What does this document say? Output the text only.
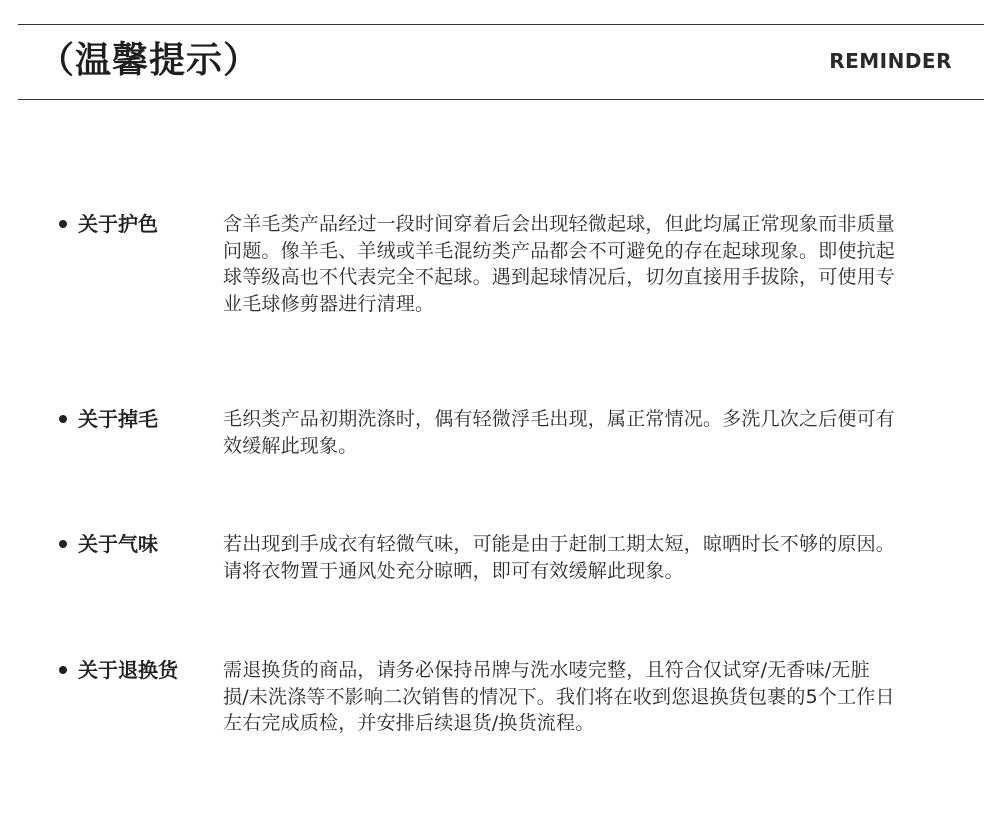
（温馨提示）	REMINDER
关于护色	含羊毛类产品经过一段时间穿着后会出现轻微起球，但此均属正常现象而非质量问题。像羊毛、羊绒或羊毛混纺类产品都会不可避免的存在起球现象。即使抗起球等级高也不代表完全不起球。遇到起球情况后，切勿直接用手拔除，可使用专业毛球修剪器进行清理。
关于掉毛	毛织类产品初期洗涤时，偶有轻微浮毛出现，属正常情况。多洗几次之后便可有效缓解此现象。
关于气味	若出现到手成衣有轻微气味，可能是由于赶制工期太短，晾晒时长不够的原因。请将衣物置于通风处充分晾晒，即可有效缓解此现象。
关于退换货 需退换货的商品，请务必保持吊牌与洗水唛完整，且符合仅试穿/无香味/无脏损/未洗涤等不影响二次销售的情况下。我们将在收到您退换货包裹的5个工作日左右完成质检，并安排后续退货/换货流程。
